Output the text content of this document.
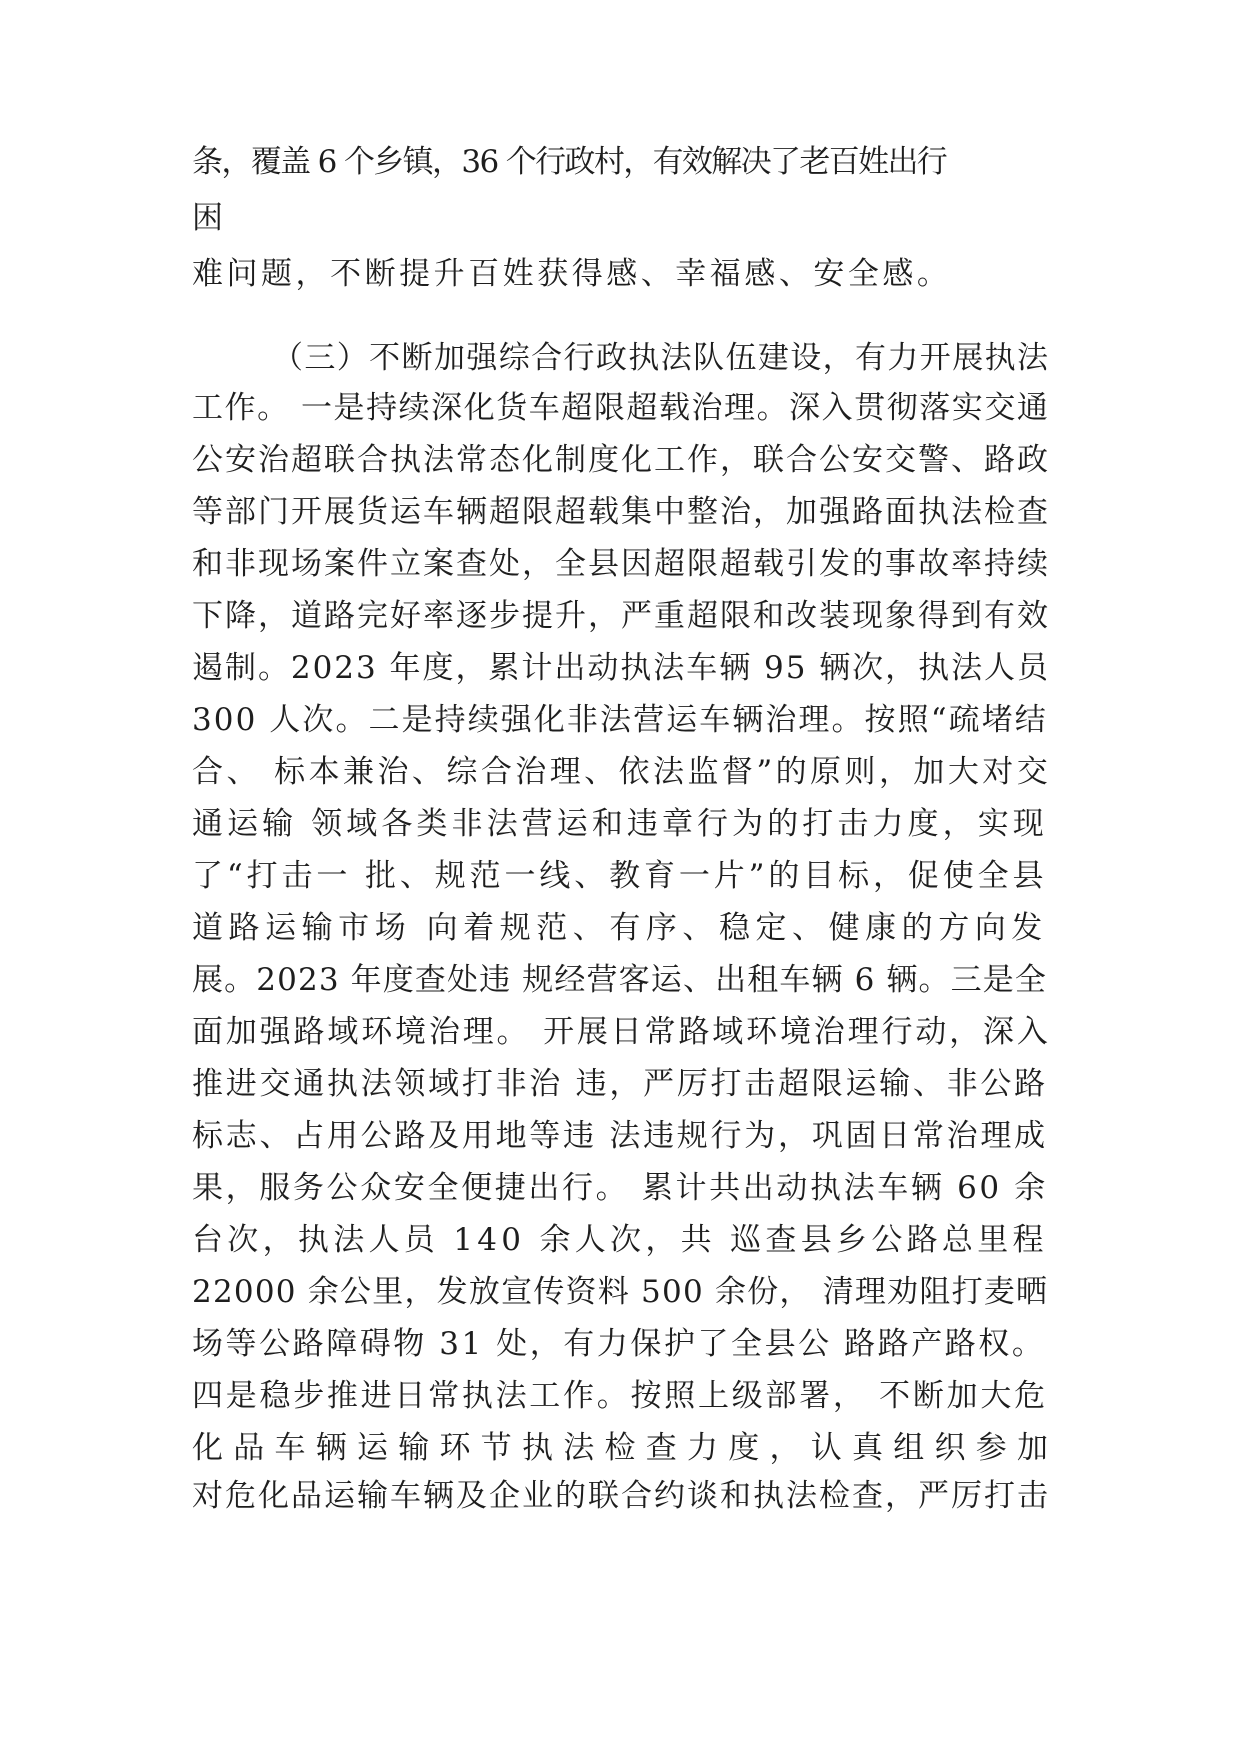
条，覆盖 6 个乡镇，36 个行政村，有效解决了老百姓出行

困

难问题，不断提升百姓获得感、幸福感、安全感。

（三）不断加强综合行政执法队伍建设，有力开展执法

工作。 一是持续深化货车超限超载治理。深入贯彻落实交通

公安治超联合执法常态化制度化工作，联合公安交警、路政

等部门开展货运车辆超限超载集中整治，加强路面执法检查

和非现场案件立案查处，全县因超限超载引发的事故率持续

下降，道路完好率逐步提升，严重超限和改装现象得到有效

遏制。2023 年度，累计出动执法车辆 95 辆次，执法人员

300 人次。二是持续强化非法营运车辆治理。按照“疏堵结

合、 标本兼治、综合治理、依法监督”的原则，加大对交

通运输 领域各类非法营运和违章行为的打击力度，实现

了“打击一 批、规范一线、教育一片”的目标，促使全县

道路运输市场 向着规范、有序、稳定、健康的方向发

展。2023 年度查处违 规经营客运、出租车辆 6 辆。三是全

面加强路域环境治理。 开展日常路域环境治理行动，深入

推进交通执法领域打非治 违，严厉打击超限运输、非公路

标志、占用公路及用地等违 法违规行为，巩固日常治理成

果，服务公众安全便捷出行。 累计共出动执法车辆 60 余

台次，执法人员 140 余人次，共 巡查县乡公路总里程

22000 余公里，发放宣传资料 500 余份， 清理劝阻打麦晒

场等公路障碍物 31 处，有力保护了全县公 路路产路权。

四是稳步推进日常执法工作。按照上级部署， 不断加大危

化品车辆运输环节执法检查力度，认真组织参加

对危化品运输车辆及企业的联合约谈和执法检查，严厉打击
